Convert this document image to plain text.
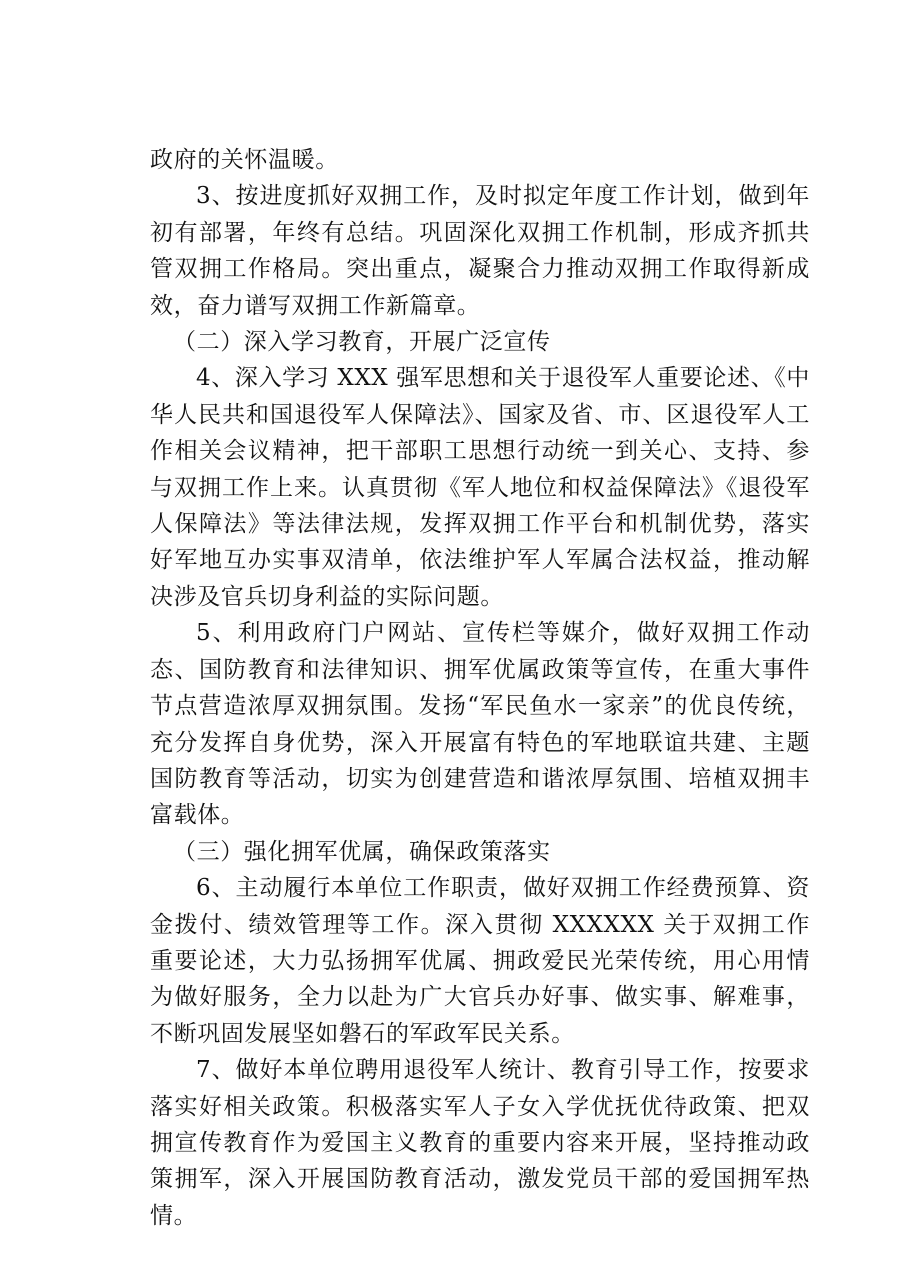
政府的关怀温暖。

3、按进度抓好双拥工作，及时拟定年度工作计划，做到年初有部署，年终有总结。巩固深化双拥工作机制，形成齐抓共管双拥工作格局。突出重点，凝聚合力推动双拥工作取得新成效，奋力谱写双拥工作新篇章。

（二）深入学习教育，开展广泛宣传

4、深入学习 XXX 强军思想和关于退役军人重要论述、《中华人民共和国退役军人保障法》、国家及省、市、区退役军人工作相关会议精神，把干部职工思想行动统一到关心、支持、参与双拥工作上来。认真贯彻《军人地位和权益保障法》《退役军人保障法》等法律法规，发挥双拥工作平台和机制优势，落实好军地互办实事双清单，依法维护军人军属合法权益，推动解决涉及官兵切身利益的实际问题。

5、利用政府门户网站、宣传栏等媒介，做好双拥工作动态、国防教育和法律知识、拥军优属政策等宣传，在重大事件节点营造浓厚双拥氛围。发扬“军民鱼水一家亲”的优良传统，充分发挥自身优势，深入开展富有特色的军地联谊共建、主题国防教育等活动，切实为创建营造和谐浓厚氛围、培植双拥丰富载体。

（三）强化拥军优属，确保政策落实

6、主动履行本单位工作职责，做好双拥工作经费预算、资金拨付、绩效管理等工作。深入贯彻 XXXXXX 关于双拥工作重要论述，大力弘扬拥军优属、拥政爱民光荣传统，用心用情为做好服务，全力以赴为广大官兵办好事、做实事、解难事，不断巩固发展坚如磐石的军政军民关系。

7、做好本单位聘用退役军人统计、教育引导工作，按要求落实好相关政策。积极落实军人子女入学优抚优待政策、把双拥宣传教育作为爱国主义教育的重要内容来开展，坚持推动政策拥军，深入开展国防教育活动，激发党员干部的爱国拥军热情。
